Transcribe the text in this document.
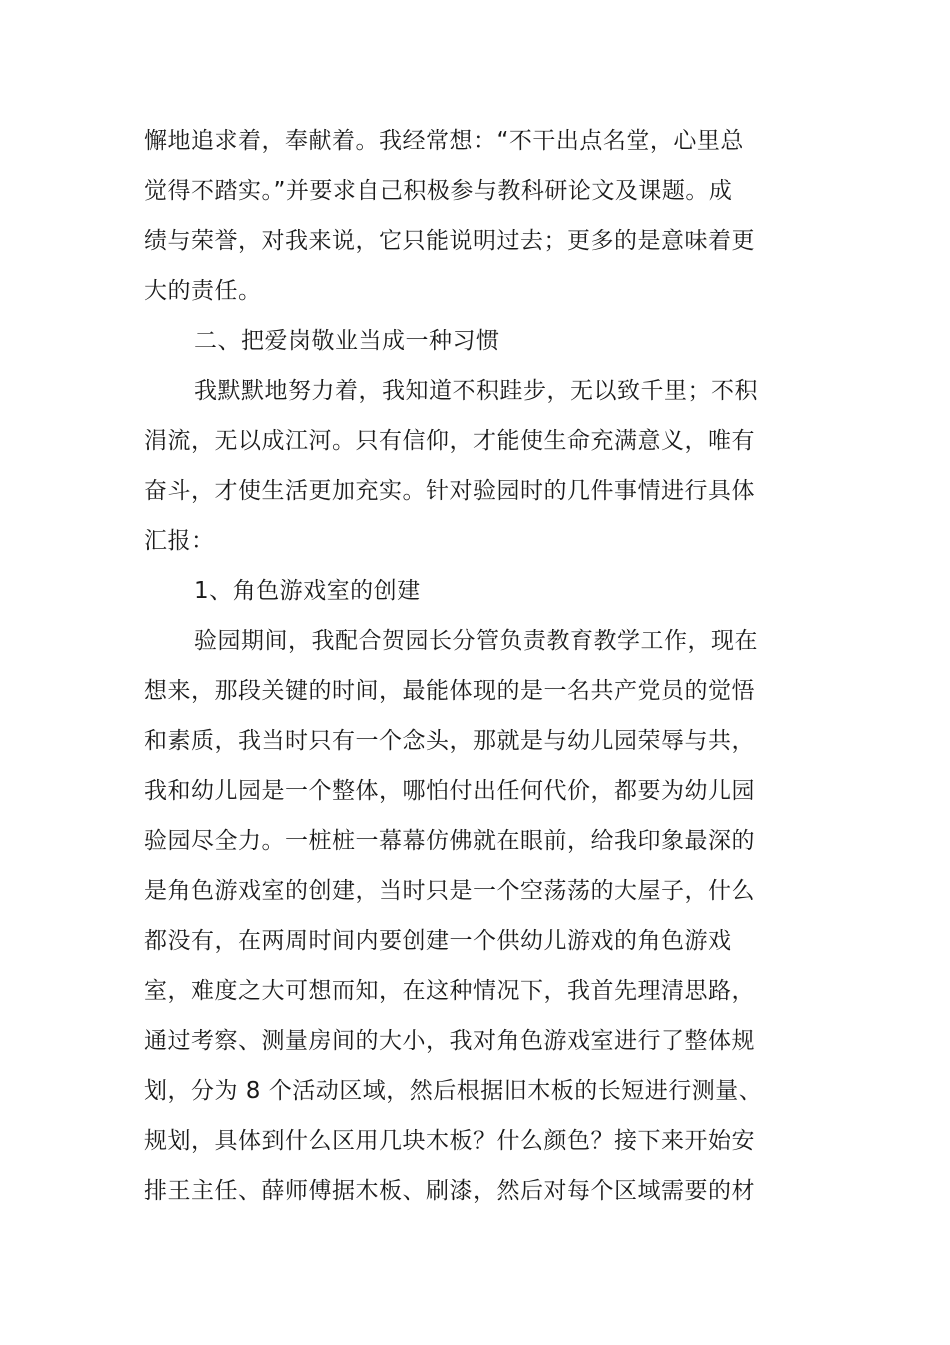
懈地追求着，奉献着。我经常想：“不干出点名堂，心里总
觉得不踏实。”并要求自己积极参与教科研论文及课题。成
绩与荣誉，对我来说，它只能说明过去；更多的是意味着更
大的责任。
二、把爱岗敬业当成一种习惯
我默默地努力着，我知道不积跬步，无以致千里；不积
涓流，无以成江河。只有信仰，才能使生命充满意义，唯有
奋斗，才使生活更加充实。针对验园时的几件事情进行具体
汇报：
1、角色游戏室的创建
验园期间，我配合贺园长分管负责教育教学工作，现在
想来，那段关键的时间，最能体现的是一名共产党员的觉悟
和素质，我当时只有一个念头，那就是与幼儿园荣辱与共，
我和幼儿园是一个整体，哪怕付出任何代价，都要为幼儿园
验园尽全力。一桩桩一幕幕仿佛就在眼前，给我印象最深的
是角色游戏室的创建，当时只是一个空荡荡的大屋子，什么
都没有，在两周时间内要创建一个供幼儿游戏的角色游戏
室，难度之大可想而知，在这种情况下，我首先理清思路，
通过考察、测量房间的大小，我对角色游戏室进行了整体规
划，分为 8 个活动区域，然后根据旧木板的长短进行测量、
规划，具体到什么区用几块木板？什么颜色？接下来开始安
排王主任、薛师傅据木板、刷漆，然后对每个区域需要的材
